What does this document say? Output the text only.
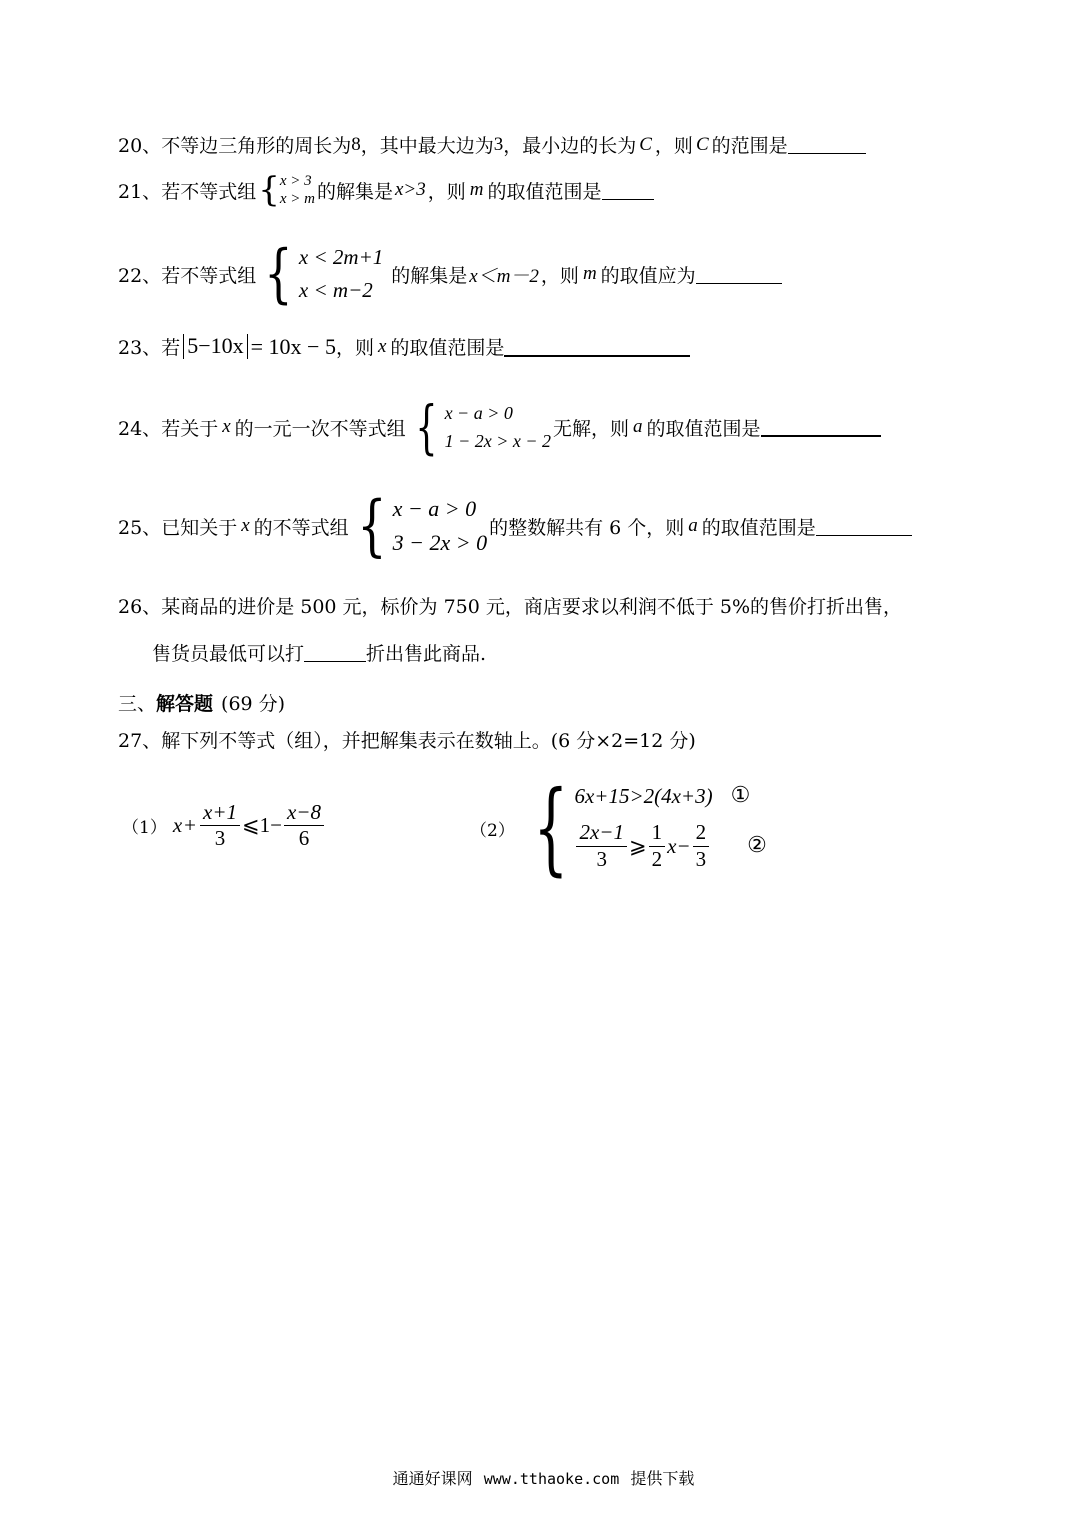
20、 不等边三角形的周长为 8 ，其中最大边为 3 ，最小边的长为 C ，则 C 的范围是
21、 若不等式组 { x > 3
x > m 的解集是 x>3 ，则 m 的取值范围是
22、 若不等式组 { x < 2m+1
x < m−2
的解集是 x＜m－2 ，则 m 的取值应为
23、 若 5−10x = 10x − 5 ，则 x 的取值范围是
24、 若关于 x 的一元一次不等式组 { x − a > 0
1 − 2x > x − 2
无解，则 a 的取值范围是
25、 已知关于 x 的不等式组 { x − a > 0
3 − 2x > 0
的整数解共有 6 个，则 a 的取值范围是
26、 某商品的进价是 500 元，标价为 750 元，商店要求以利润不低于 5%的售价打折出售，
售货员最低可以打	折出售此商品.
三、 解答题 (69 分)
27、 解下列不等式（组），并把解集表示在数轴上。(6 分×2=12 分)
（1） $x + \frac{x+1}{3}$ ⩽1− $\frac{x-8}{6}$	（2） { 6x+15>2(4x+3) ①
$\frac{2x-1}{3}$ ⩾ $\frac{1}{2} x- \frac{2}{3}$ ②
通通好课网 www.tthaoke.com 提供下载
